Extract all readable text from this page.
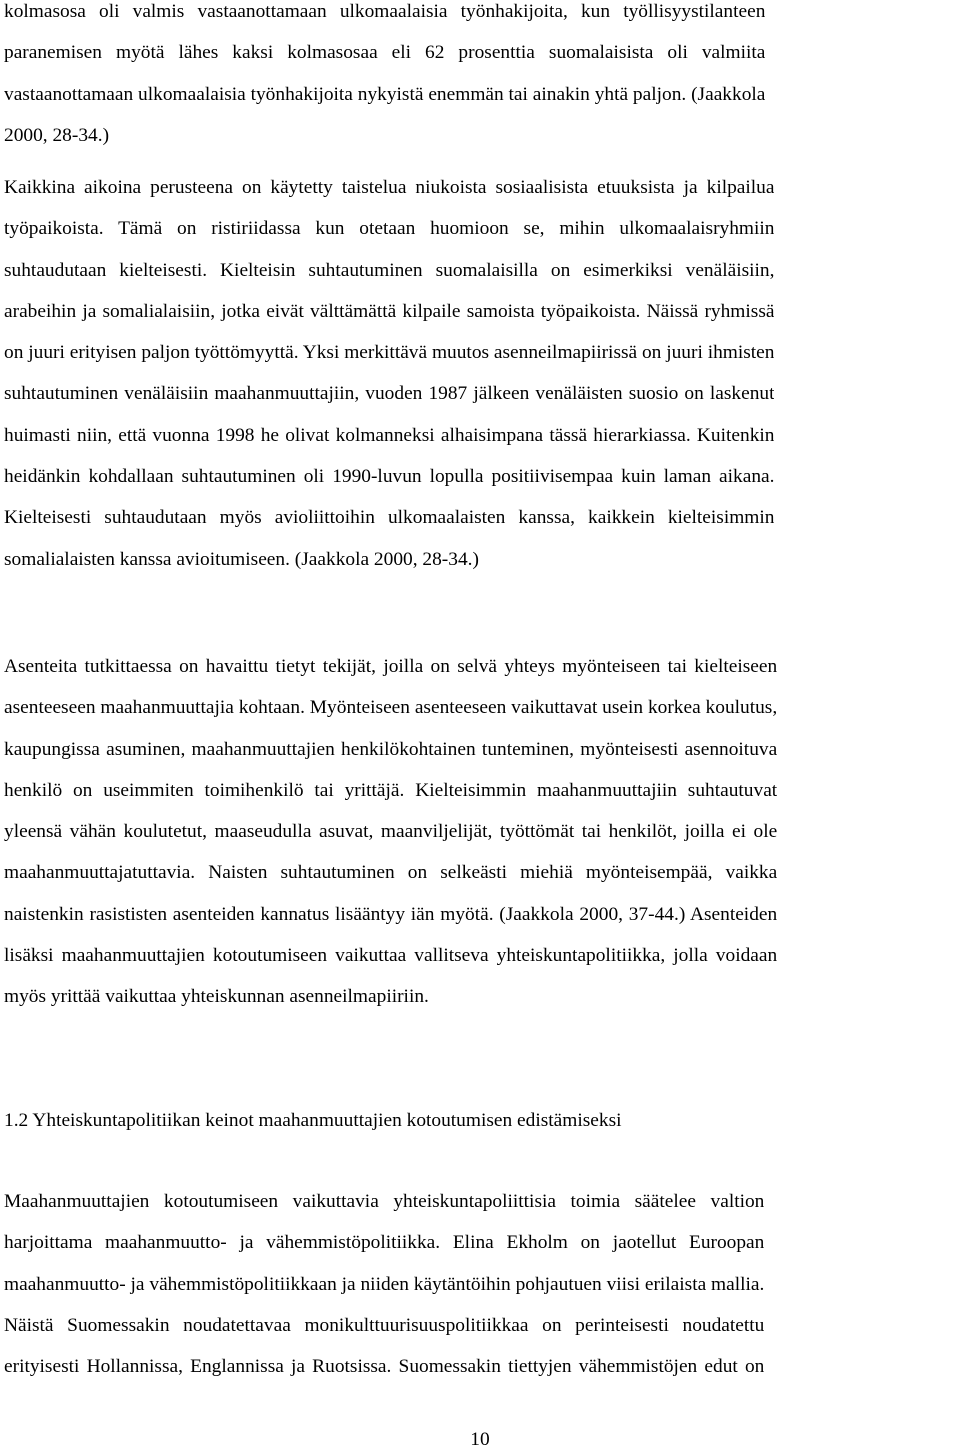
kolmasosa oli valmis vastaanottamaan ulkomaalaisia työnhakijoita, kun työllisyystilanteen
paranemisen myötä lähes kaksi kolmasosaa eli 62 prosenttia suomalaisista oli valmiita
vastaanottamaan ulkomaalaisia työnhakijoita nykyistä enemmän tai ainakin yhtä paljon. (Jaakkola
2000, 28-34.)
Kaikkina aikoina perusteena on käytetty taistelua niukoista sosiaalisista etuuksista ja kilpailua
työpaikoista. Tämä on ristiriidassa kun otetaan huomioon se, mihin ulkomaalaisryhmiin
suhtaudutaan kielteisesti. Kielteisin suhtautuminen suomalaisilla on esimerkiksi venäläisiin,
arabeihin ja somalialaisiin, jotka eivät välttämättä kilpaile samoista työpaikoista. Näissä ryhmissä
on juuri erityisen paljon työttömyyttä. Yksi merkittävä muutos asenneilmapiirissä on juuri ihmisten
suhtautuminen venäläisiin maahanmuuttajiin, vuoden 1987 jälkeen venäläisten suosio on laskenut
huimasti niin, että vuonna 1998 he olivat kolmanneksi alhaisimpana tässä hierarkiassa. Kuitenkin
heidänkin kohdallaan suhtautuminen oli 1990-luvun lopulla positiivisempaa kuin laman aikana.
Kielteisesti suhtaudutaan myös avioliittoihin ulkomaalaisten kanssa, kaikkein kielteisimmin
somalialaisten kanssa avioitumiseen. (Jaakkola 2000, 28-34.)
Asenteita tutkittaessa on havaittu tietyt tekijät, joilla on selvä yhteys myönteiseen tai kielteiseen
asenteeseen maahanmuuttajia kohtaan. Myönteiseen asenteeseen vaikuttavat usein korkea koulutus,
kaupungissa asuminen, maahanmuuttajien henkilökohtainen tunteminen, myönteisesti asennoituva
henkilö on useimmiten toimihenkilö tai yrittäjä. Kielteisimmin maahanmuuttajiin suhtautuvat
yleensä vähän koulutetut, maaseudulla asuvat, maanviljelijät, työttömät tai henkilöt, joilla ei ole
maahanmuuttajatuttavia. Naisten suhtautuminen on selkeästi miehiä myönteisempää, vaikka
naistenkin rasististen asenteiden kannatus lisääntyy iän myötä. (Jaakkola 2000, 37-44.) Asenteiden
lisäksi maahanmuuttajien kotoutumiseen vaikuttaa vallitseva yhteiskuntapolitiikka, jolla voidaan
myös yrittää vaikuttaa yhteiskunnan asenneilmapiiriin.
1.2 Yhteiskuntapolitiikan keinot maahanmuuttajien kotoutumisen edistämiseksi
Maahanmuuttajien kotoutumiseen vaikuttavia yhteiskuntapoliittisia toimia säätelee valtion
harjoittama maahanmuutto- ja vähemmistöpolitiikka. Elina Ekholm on jaotellut Euroopan
maahanmuutto- ja vähemmistöpolitiikkaan ja niiden käytäntöihin pohjautuen viisi erilaista mallia.
Näistä Suomessakin noudatettavaa monikulttuurisuuspolitiikkaa on perinteisesti noudatettu
erityisesti Hollannissa, Englannissa ja Ruotsissa. Suomessakin tiettyjen vähemmistöjen edut on
10
